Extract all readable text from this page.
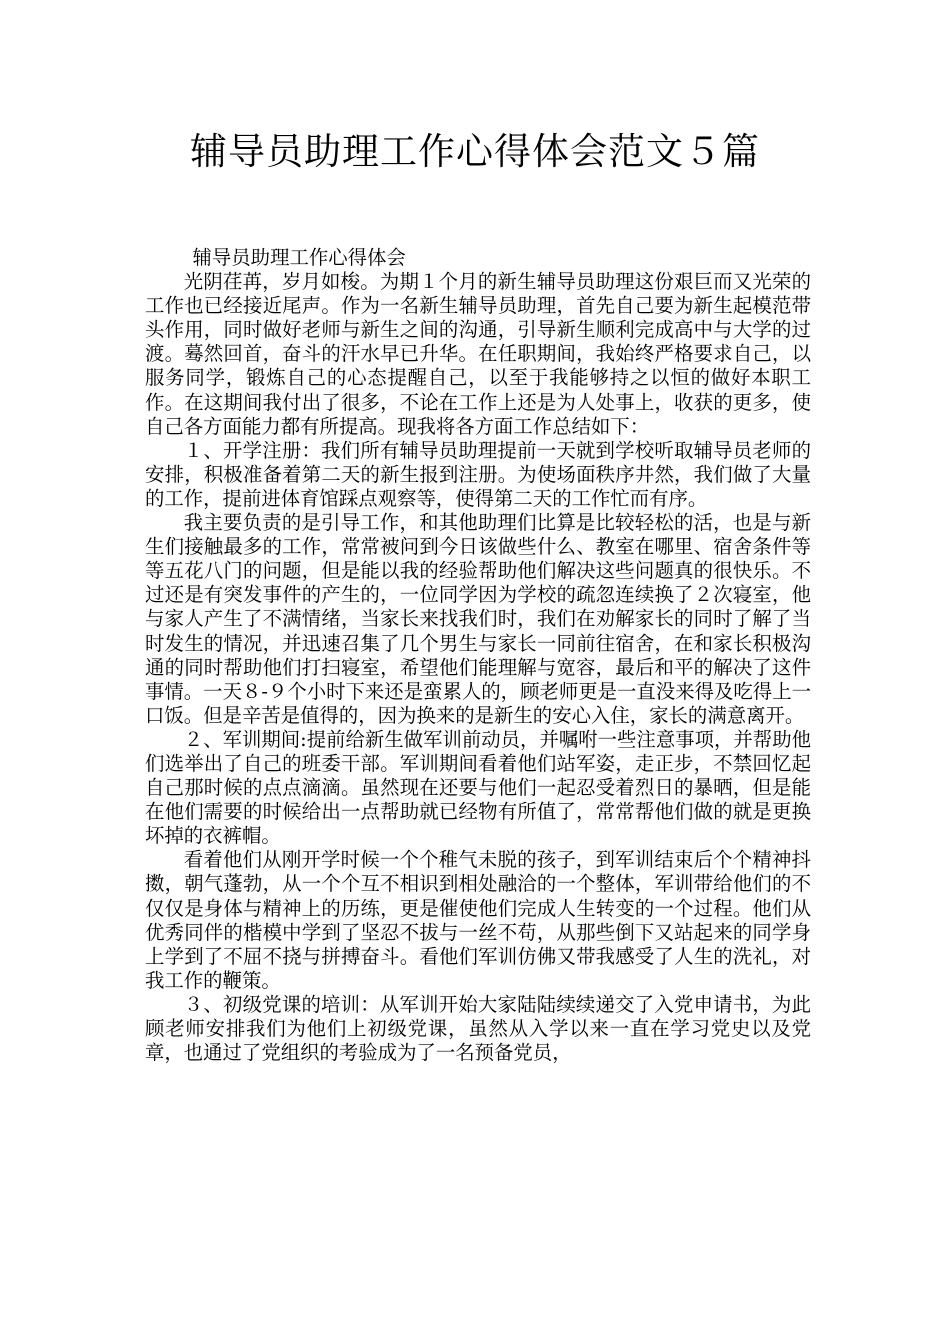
辅导员助理工作心得体会范文５篇

辅导员助理工作心得体会

光阴荏苒，岁月如梭。为期１个月的新生辅导员助理这份艰巨而又光荣的工作也已经接近尾声。作为一名新生辅导员助理，首先自己要为新生起模范带头作用，同时做好老师与新生之间的沟通，引导新生顺利完成高中与大学的过渡。蓦然回首，奋斗的汗水早已升华。在任职期间，我始终严格要求自己，以服务同学，锻炼自己的心态提醒自己，以至于我能够持之以恒的做好本职工作。在这期间我付出了很多，不论在工作上还是为人处事上，收获的更多，使自己各方面能力都有所提高。现我将各方面工作总结如下：

１、开学注册：我们所有辅导员助理提前一天就到学校听取辅导员老师的安排，积极准备着第二天的新生报到注册。为使场面秩序井然，我们做了大量的工作，提前进体育馆踩点观察等，使得第二天的工作忙而有序。

我主要负责的是引导工作，和其他助理们比算是比较轻松的活，也是与新生们接触最多的工作，常常被问到今日该做些什么、教室在哪里、宿舍条件等等五花八门的问题，但是能以我的经验帮助他们解决这些问题真的很快乐。不过还是有突发事件的产生的，一位同学因为学校的疏忽连续换了２次寝室，他与家人产生了不满情绪，当家长来找我们时，我们在劝解家长的同时了解了当时发生的情况，并迅速召集了几个男生与家长一同前往宿舍，在和家长积极沟通的同时帮助他们打扫寝室，希望他们能理解与宽容，最后和平的解决了这件事情。一天８-９个小时下来还是蛮累人的，顾老师更是一直没来得及吃得上一口饭。但是辛苦是值得的，因为换来的是新生的安心入住，家长的满意离开。

２、军训期间:提前给新生做军训前动员，并嘱咐一些注意事项，并帮助他们选举出了自己的班委干部。军训期间看着他们站军姿，走正步，不禁回忆起自己那时候的点点滴滴。虽然现在还要与他们一起忍受着烈日的暴晒，但是能在他们需要的时候给出一点帮助就已经物有所值了，常常帮他们做的就是更换坏掉的衣裤帽。

看着他们从刚开学时候一个个稚气未脱的孩子，到军训结束后个个精神抖擞，朝气蓬勃，从一个个互不相识到相处融洽的一个整体，军训带给他们的不仅仅是身体与精神上的历练，更是催使他们完成人生转变的一个过程。他们从优秀同伴的楷模中学到了坚忍不拔与一丝不苟，从那些倒下又站起来的同学身上学到了不屈不挠与拼搏奋斗。看他们军训仿佛又带我感受了人生的洗礼，对我工作的鞭策。

３、初级党课的培训：从军训开始大家陆陆续续递交了入党申请书，为此顾老师安排我们为他们上初级党课，虽然从入学以来一直在学习党史以及党章，也通过了党组织的考验成为了一名预备党员，
